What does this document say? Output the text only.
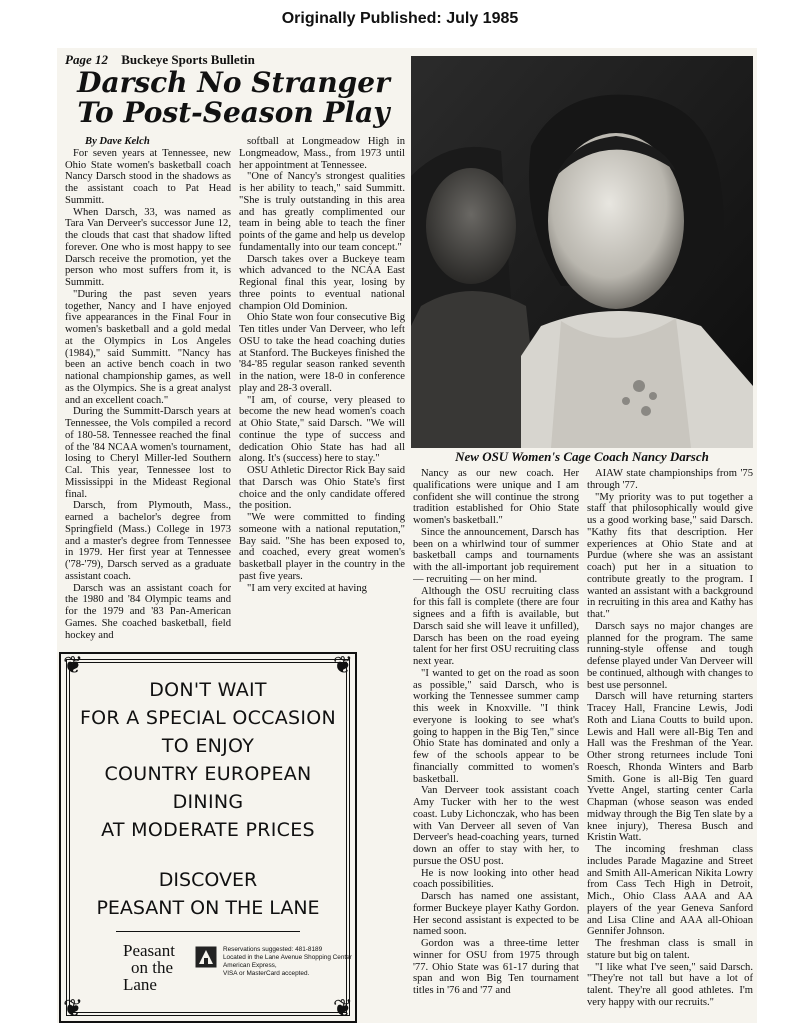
Originally Published: July 1985
Page 12 Buckeye Sports Bulletin
Darsch No Stranger To Post-Season Play

By Dave Kelch

For seven years at Tennessee, new Ohio State women's basketball coach Nancy Darsch stood in the shadows as the assistant coach to Pat Head Summitt.

When Darsch, 33, was named as Tara Van Derveer's successor June 12, the clouds that cast that shadow lifted forever. One who is most happy to see Darsch receive the promotion, yet the person who most suffers from it, is Summitt.

"During the past seven years together, Nancy and I have enjoyed five appearances in the Final Four in women's basketball and a gold medal at the Olympics in Los Angeles (1984)," said Summitt. "Nancy has been an active bench coach in two national championship games, as well as the Olympics. She is a great analyst and an excellent coach."

During the Summitt-Darsch years at Tennessee, the Vols compiled a record of 180-58. Tennessee reached the final of the '84 NCAA women's tournament, losing to Cheryl Miller-led Southern Cal. This year, Tennessee lost to Mississippi in the Mideast Regional final.

Darsch, from Plymouth, Mass., earned a bachelor's degree from Springfield (Mass.) College in 1973 and a master's degree from Tennessee in 1979. Her first year at Tennessee ('78-'79), Darsch served as a graduate assistant coach.

Darsch was an assistant coach for the 1980 and '84 Olympic teams and for the 1979 and '83 Pan-American Games. She coached basketball, field hockey and

softball at Longmeadow High in Longmeadow, Mass., from 1973 until her appointment at Tennessee.

"One of Nancy's strongest qualities is her ability to teach," said Summitt. "She is truly outstanding in this area and has greatly complimented our team in being able to teach the finer points of the game and help us develop fundamentally into our team concept."

Darsch takes over a Buckeye team which advanced to the NCAA East Regional final this year, losing by three points to eventual national champion Old Dominion.

Ohio State won four consecutive Big Ten titles under Van Derveer, who left OSU to take the head coaching duties at Stanford. The Buckeyes finished the '84-'85 regular season ranked seventh in the nation, were 18-0 in conference play and 28-3 overall.

"I am, of course, very pleased to become the new head women's coach at Ohio State," said Darsch. "We will continue the type of success and dedication Ohio State has had all along. It's (success) here to stay."

OSU Athletic Director Rick Bay said that Darsch was Ohio State's first choice and the only candidate offered the position.

"We were committed to finding someone with a national reputation," Bay said. "She has been exposed to, and coached, every great women's basketball player in the country in the past five years.

"I am very excited at having

New OSU Women's Cage Coach Nancy Darsch

Nancy as our new coach. Her qualifications were unique and I am confident she will continue the strong tradition established for Ohio State women's basketball."

Since the announcement, Darsch has been on a whirlwind tour of summer basketball camps and tournaments with the all-important job requirement — recruiting — on her mind.

Although the OSU recruiting class for this fall is complete (there are four signees and a fifth is available, but Darsch said she will leave it unfilled), Darsch has been on the road eyeing talent for her first OSU recruiting class next year.

"I wanted to get on the road as soon as possible," said Darsch, who is working the Tennessee summer camp this week in Knoxville. "I think everyone is looking to see what's going to happen in the Big Ten," since Ohio State has dominated and only a few of the schools appear to be financially committed to women's basketball.

Van Derveer took assistant coach Amy Tucker with her to the west coast. Luby Lichonczak, who has been with Van Derveer all seven of Van Derveer's head-coaching years, turned down an offer to stay with her, to pursue the OSU post.

He is now looking into other head coach possibilities.

Darsch has named one assistant, former Buckeye player Kathy Gordon. Her second assistant is expected to be named soon.

Gordon was a three-time letter winner for OSU from 1975 through '77. Ohio State was 61-17 during that span and won Big Ten tournament titles in '76 and '77 and

AIAW state championships from '75 through '77.

"My priority was to put together a staff that philosophically would give us a good working base," said Darsch. "Kathy fits that description. Her experiences at Ohio State and at Purdue (where she was an assistant coach) put her in a situation to contribute greatly to the program. I wanted an assistant with a background in recruiting in this area and Kathy has that."

Darsch says no major changes are planned for the program. The same running-style offense and tough defense played under Van Derveer will be continued, although with changes to best use personnel.

Darsch will have returning starters Tracey Hall, Francine Lewis, Jodi Roth and Liana Coutts to build upon. Lewis and Hall were all-Big Ten and Hall was the Freshman of the Year. Other strong returnees include Toni Roesch, Rhonda Winters and Barb Smith. Gone is all-Big Ten guard Yvette Angel, starting center Carla Chapman (whose season was ended midway through the Big Ten slate by a knee injury), Theresa Busch and Kristin Watt.

The incoming freshman class includes Parade Magazine and Street and Smith All-American Nikita Lowry from Cass Tech High in Detroit, Mich., Ohio Class AAA and AA players of the year Geneva Sanford and Lisa Cline and AAA all-Ohioan Gennifer Johnson.

The freshman class is small in stature but big on talent.

"I like what I've seen," said Darsch. "They're not tall but have a lot of talent. They're all good athletes. I'm very happy with our recruits."

❦	❦
❦	❦
DON'T WAIT
FOR A SPECIAL OCCASION
TO ENJOY
COUNTRY EUROPEAN
DINING
AT MODERATE PRICES
DISCOVER
PEASANT ON THE LANE
Peasant
on the
Lane
Reservations suggested: 481-8189
Located in the Lane Avenue Shopping Center
American Express,
VISA or MasterCard accepted.
